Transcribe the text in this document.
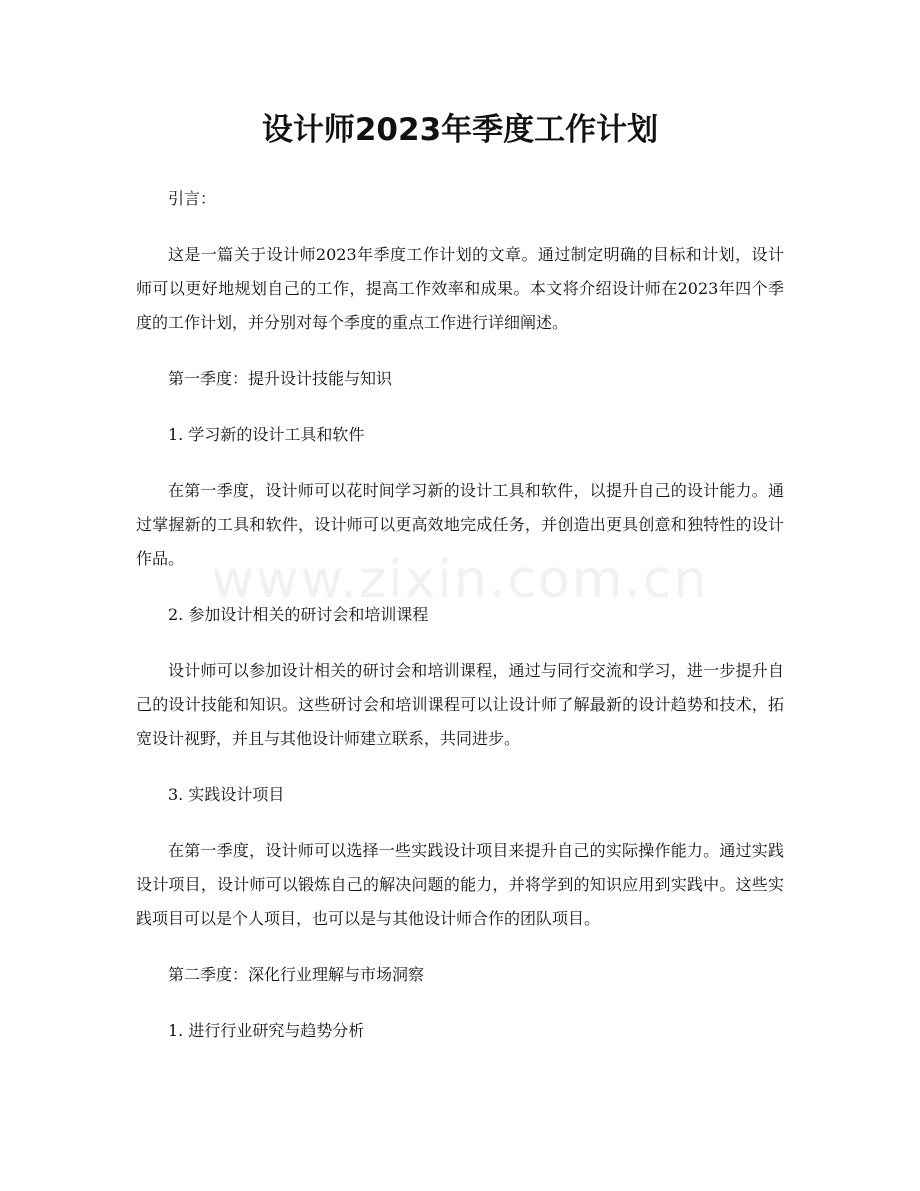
设计师2023年季度工作计划
www.zixin.com.cn

引言：

这是一篇关于设计师2023年季度工作计划的文章。通过制定明确的目标和计划，设计师可以更好地规划自己的工作，提高工作效率和成果。本文将介绍设计师在2023年四个季度的工作计划，并分别对每个季度的重点工作进行详细阐述。

第一季度：提升设计技能与知识

1. 学习新的设计工具和软件

在第一季度，设计师可以花时间学习新的设计工具和软件，以提升自己的设计能力。通过掌握新的工具和软件，设计师可以更高效地完成任务，并创造出更具创意和独特性的设计作品。

2. 参加设计相关的研讨会和培训课程

设计师可以参加设计相关的研讨会和培训课程，通过与同行交流和学习，进一步提升自己的设计技能和知识。这些研讨会和培训课程可以让设计师了解最新的设计趋势和技术，拓宽设计视野，并且与其他设计师建立联系，共同进步。

3. 实践设计项目

在第一季度，设计师可以选择一些实践设计项目来提升自己的实际操作能力。通过实践设计项目，设计师可以锻炼自己的解决问题的能力，并将学到的知识应用到实践中。这些实践项目可以是个人项目，也可以是与其他设计师合作的团队项目。

第二季度：深化行业理解与市场洞察

1. 进行行业研究与趋势分析
